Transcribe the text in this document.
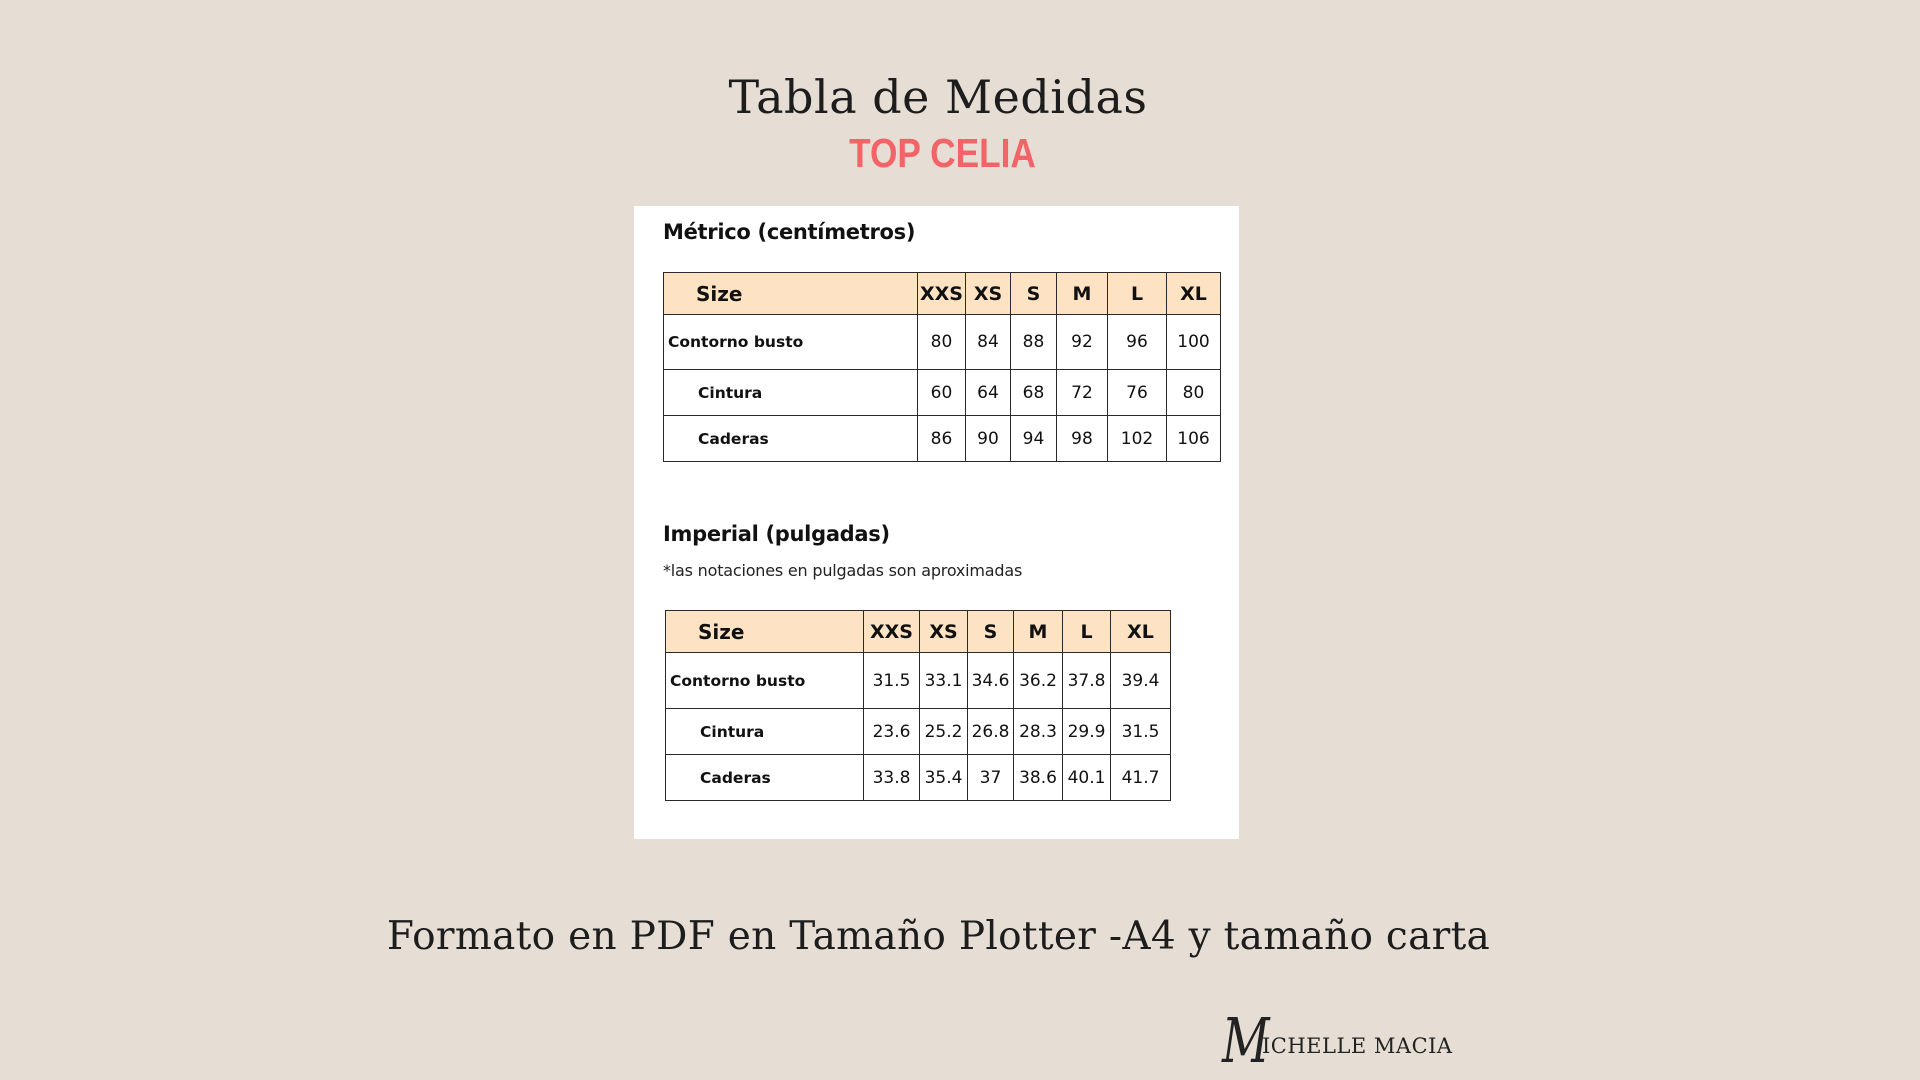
Tabla de Medidas
TOP CELIA
Métrico (centímetros)
Size	XXS	XS	S	M	L	XL
Contorno busto	80	84	88	92	96	100
Cintura	60	64	68	72	76	80
Caderas	86	90	94	98	102	106
Imperial (pulgadas)
*las notaciones en pulgadas son aproximadas
Size	XXS	XS	S	M	L	XL
Contorno busto	31.5	33.1	34.6	36.2	37.8	39.4
Cintura	23.6	25.2	26.8	28.3	29.9	31.5
Caderas	33.8	35.4	37	38.6	40.1	41.7
Formato en PDF en Tamaño Plotter -A4 y tamaño carta
M
ICHELLE MACIA
